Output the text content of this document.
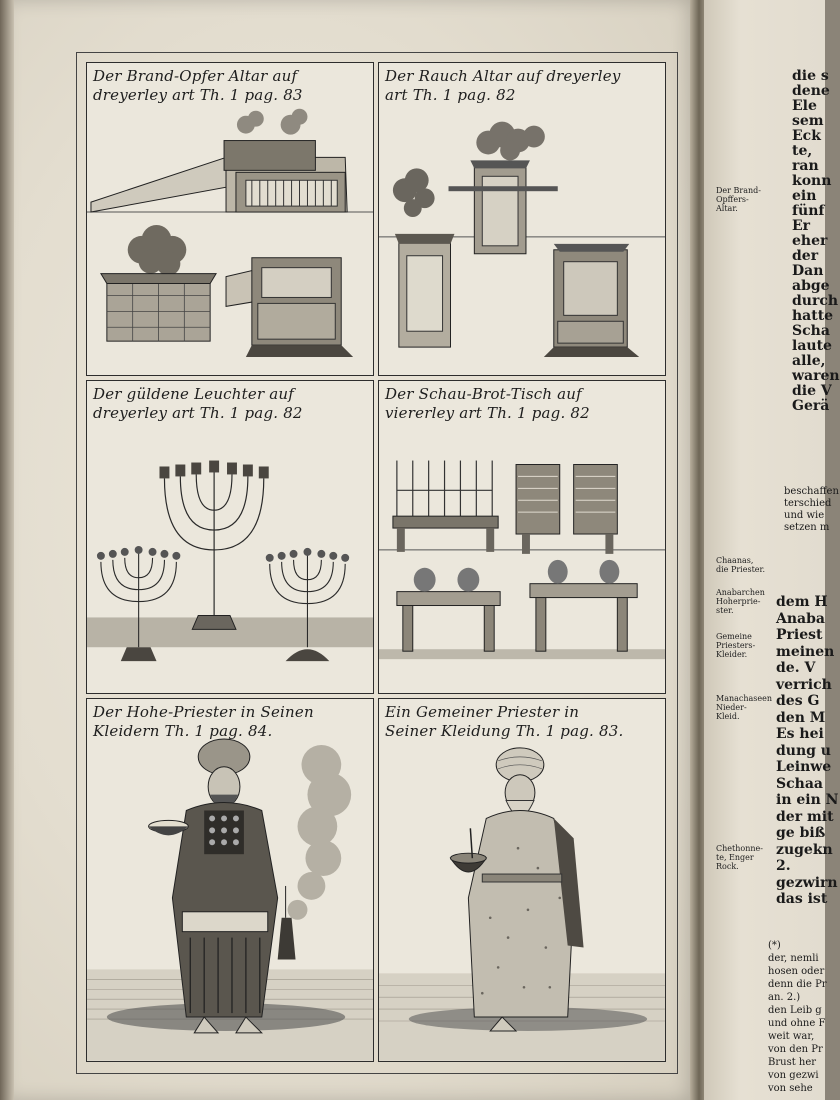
die s
dene
Ele
sem
Eck
te,
ran
konn
ein
fünf
Er
eher
der
Dan
abge
durch
hatte
Scha
laute
alle,
waren
die V
Gerä
beschaffen
terschied
und wie
setzen m
dem H
Anaba
Priest
meinen
de. V
verrich
des G
den M
Es hei
dung u
Leinwe
Schaa
in ein N
der mit
ge biß
zugekn
2.
gezwirn
das ist
(*)
der, nemli
hosen oder
denn die Pr
an. 2.)
den Leib g
und ohne F
weit war,
von den Pr
Brust her
von gezwi
von sehe
Der Brand-
Opffers-
Altar.
Chaanas,
die Priester.
Anabarchen
Hoherprie-
ster.
Gemeine
Priesters-
Kleider.
Manachaseen
Nieder-
Kleid.
Chethonne-
te, Enger
Rock.
Der Brand-Opfer Altar auf
dreyerley art Th. 1 pag. 83
Der Rauch Altar auf dreyerley
art Th. 1 pag. 82
Der güldene Leuchter auf
dreyerley art Th. 1 pag. 82
Der Schau-Brot-Tisch auf
viererley art Th. 1 pag. 82
Der Hohe-Priester in Seinen
Kleidern Th. 1 pag. 84.
Ein Gemeiner Priester in
Seiner Kleidung Th. 1 pag. 83.
